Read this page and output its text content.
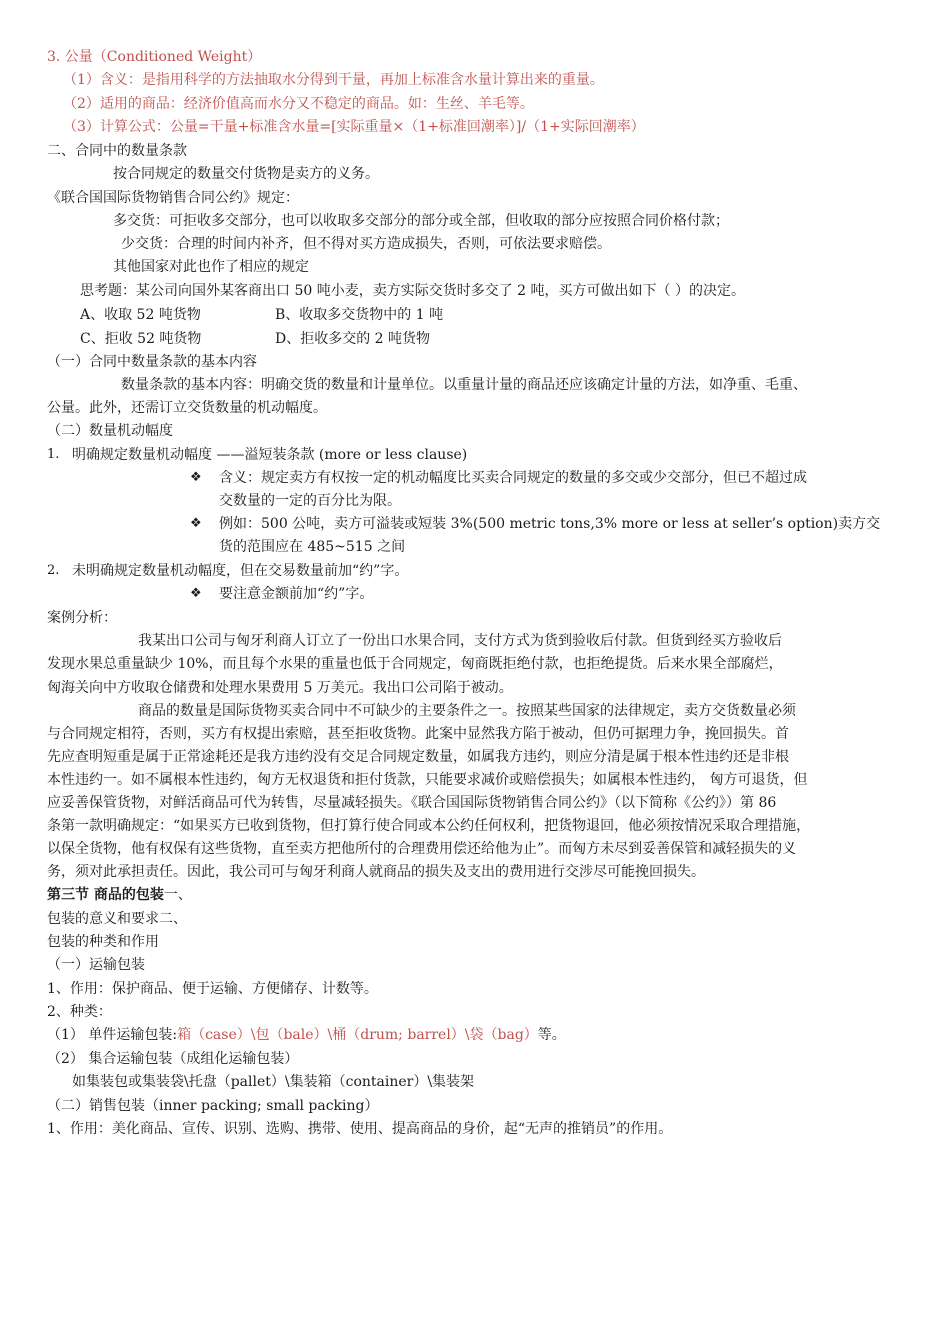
3. 公量（Conditioned Weight）
（1）含义：是指用科学的方法抽取水分得到干量，再加上标准含水量计算出来的重量。
（2）适用的商品：经济价值高而水分又不稳定的商品。如：生丝、羊毛等。
（3）计算公式：公量=干量+标准含水量=[实际重量×（1+标准回潮率）]/（1+实际回潮率）
二、合同中的数量条款
按合同规定的数量交付货物是卖方的义务。
《联合国国际货物销售合同公约》规定：
多交货：可拒收多交部分，也可以收取多交部分的部分或全部，但收取的部分应按照合同价格付款；
少交货：合理的时间内补齐，但不得对买方造成损失，否则，可依法要求赔偿。
其他国家对此也作了相应的规定
思考题：某公司向国外某客商出口 50 吨小麦，卖方实际交货时多交了 2 吨，买方可做出如下（ ）的决定。
A、收取 52 吨货物	B、收取多交货物中的 1 吨
C、拒收 52 吨货物	D、拒收多交的 2 吨货物
（一）合同中数量条款的基本内容
数量条款的基本内容：明确交货的数量和计量单位。以重量计量的商品还应该确定计量的方法，如净重、毛重、
公量。此外，还需订立交货数量的机动幅度。
（二）数量机动幅度
1. 明确规定数量机动幅度 ——溢短装条款 (more or less clause)
❖ 含义：规定卖方有权按一定的机动幅度比买卖合同规定的数量的多交或少交部分，但已不超过成
交数量的一定的百分比为限。
❖ 例如：500 公吨，卖方可溢装或短装 3%(500 metric tons,3% more or less at seller’s option)卖方交
货的范围应在 485~515 之间
2. 未明确规定数量机动幅度，但在交易数量前加“约”字。
❖ 要注意金额前加“约”字。
案例分析：
我某出口公司与匈牙利商人订立了一份出口水果合同，支付方式为货到验收后付款。但货到经买方验收后
发现水果总重量缺少 10%，而且每个水果的重量也低于合同规定，匈商既拒绝付款，也拒绝提货。后来水果全部腐烂，
匈海关向中方收取仓储费和处理水果费用 5 万美元。我出口公司陷于被动。
商品的数量是国际货物买卖合同中不可缺少的主要条件之一。按照某些国家的法律规定，卖方交货数量必须
与合同规定相符，否则，买方有权提出索赔，甚至拒收货物。此案中显然我方陷于被动，但仍可据理力争，挽回损失。首
先应查明短重是属于正常途耗还是我方违约没有交足合同规定数量，如属我方违约，则应分清是属于根本性违约还是非根
本性违约一。如不属根本性违约，匈方无权退货和拒付货款，只能要求减价或赔偿损失；如属根本性违约， 匈方可退货，但
应妥善保管货物，对鲜活商品可代为转售，尽量减轻损失。《联合国国际货物销售合同公约》（以下简称《公约》）第 86
条第一款明确规定：“如果买方已收到货物，但打算行使合同或本公约任何权利，把货物退回，他必须按情况采取合理措施，
以保全货物，他有权保有这些货物，直至卖方把他所付的合理费用偿还给他为止”。而匈方未尽到妥善保管和减轻损失的义
务，须对此承担责任。因此，我公司可与匈牙利商人就商品的损失及支出的费用进行交涉尽可能挽回损失。
第三节 商品的包装一、
包装的意义和要求二、
包装的种类和作用
（一）运输包装
1、作用：保护商品、便于运输、方便储存、计数等。
2、种类：
（1） 单件运输包装:箱（case）\包（bale）\桶（drum; barrel）\袋（bag）等。
（2） 集合运输包装（成组化运输包装）
如集装包或集装袋\托盘（pallet）\集装箱（container）\集装架
（二）销售包装（inner packing; small packing）
1、作用：美化商品、宣传、识别、选购、携带、使用、提高商品的身价，起“无声的推销员”的作用。
